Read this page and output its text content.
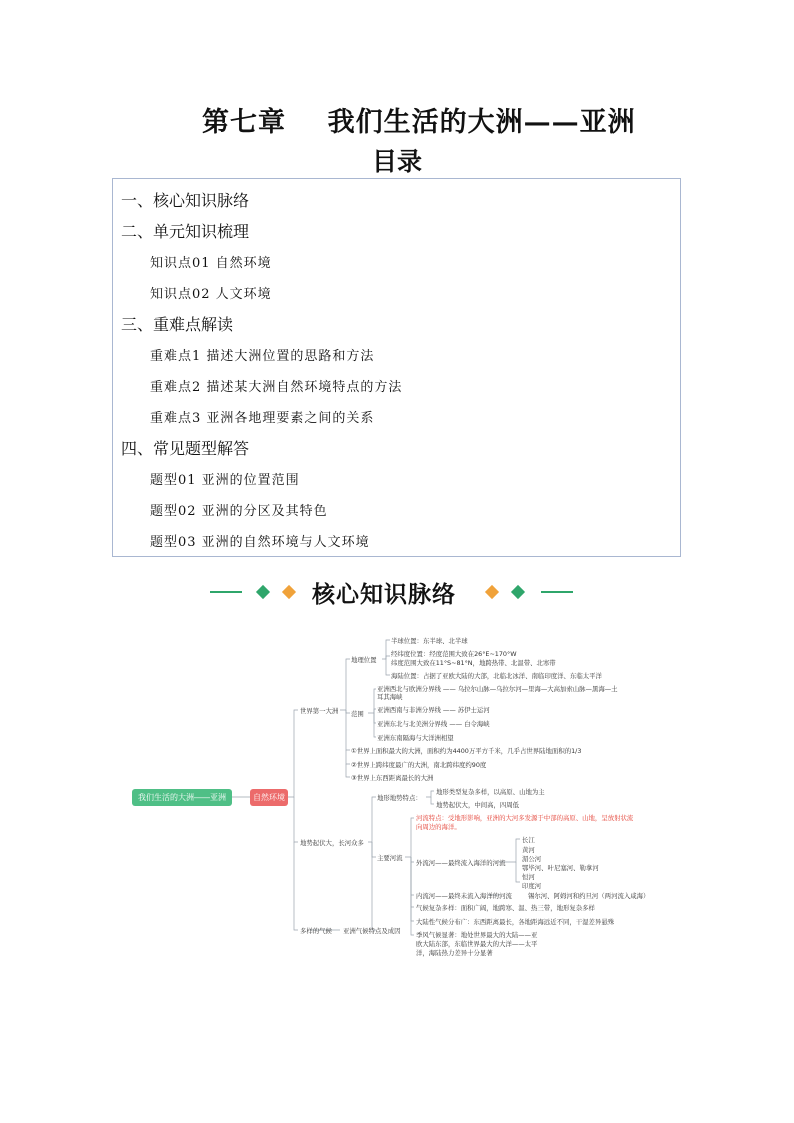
第七章    我们生活的大洲——亚洲
目录
一、核心知识脉络
二、单元知识梳理
知识点01 自然环境
知识点02 人文环境
三、重难点解读
重难点1 描述大洲位置的思路和方法
重难点2 描述某大洲自然环境特点的方法
重难点3 亚洲各地理要素之间的关系
四、常见题型解答
题型01 亚洲的位置范围
题型02 亚洲的分区及其特色
题型03 亚洲的自然环境与人文环境
核心知识脉络
我们生活的大洲——亚洲	自然环境
世界第一大洲
地理位置
半球位置：东半球、北半球
经纬度位置：经度范围大致在26°E~170°W
纬度范围大致在11°S~81°N，地跨热带、北温带、北寒带
海陆位置：占据了亚欧大陆的大部，北临北冰洋、南临印度洋、东临太平洋
范围
亚洲西北与欧洲分界线 —— 乌拉尔山脉—乌拉尔河—里海—大高加索山脉—黑海—土
耳其海峡
亚洲西南与非洲分界线 —— 苏伊士运河
亚洲东北与北美洲分界线 —— 白令海峡
亚洲东南隔海与大洋洲相望
①世界上面积最大的大洲，面积约为4400万平方千米，几乎占世界陆地面积的1/3
②世界上跨纬度最广的大洲，南北跨纬度约90度
③世界上东西距离最长的大洲
地势起伏大，长河众多
地形地势特点：
地形类型复杂多样，以高原、山地为主
地势起伏大，中间高，四周低
主要河流
河流特点：受地形影响，亚洲的大河多发源于中部的高原、山地，呈放射状流
向周边的海洋。
外流河——最终流入海洋的河流
长江
黄河
湄公河
鄂毕河、叶尼塞河、勒拿河
恒河
印度河
内流河——最终未流入海洋的河流	锡尔河、阿姆河和约旦河（两河流入咸海）
多样的气候 亚洲气候特点及成因
气候复杂多样：面积广阔，地跨寒、温、热三带，地形复杂多样
大陆性气候分布广：东西距离最长，各地距海远近不同，干湿差异悬殊
季风气候显著：地处世界最大的大陆——亚
欧大陆东部，东临世界最大的大洋——太平
洋，海陆热力差异十分显著
